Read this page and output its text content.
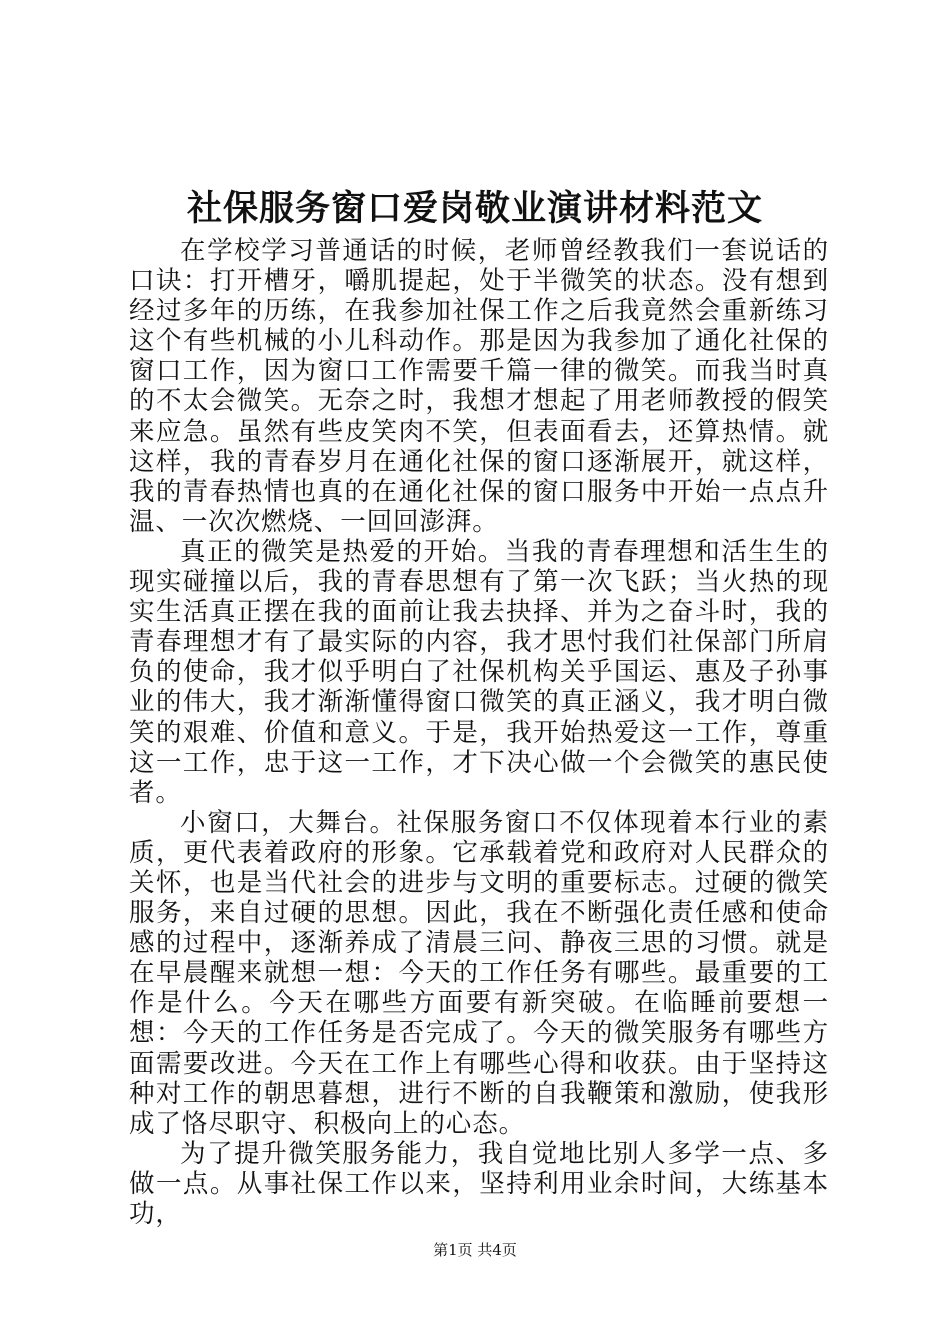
社保服务窗口爱岗敬业演讲材料范文

在学校学习普通话的时候，老师曾经教我们一套说话的口诀：打开槽牙，嚼肌提起，处于半微笑的状态。没有想到经过多年的历练，在我参加社保工作之后我竟然会重新练习这个有些机械的小儿科动作。那是因为我参加了通化社保的窗口工作，因为窗口工作需要千篇一律的微笑。而我当时真的不太会微笑。无奈之时，我想才想起了用老师教授的假笑来应急。虽然有些皮笑肉不笑，但表面看去，还算热情。就这样，我的青春岁月在通化社保的窗口逐渐展开，就这样，我的青春热情也真的在通化社保的窗口服务中开始一点点升温、一次次燃烧、一回回澎湃。

真正的微笑是热爱的开始。当我的青春理想和活生生的现实碰撞以后，我的青春思想有了第一次飞跃；当火热的现实生活真正摆在我的面前让我去抉择、并为之奋斗时，我的青春理想才有了最实际的内容，我才思忖我们社保部门所肩负的使命，我才似乎明白了社保机构关乎国运、惠及子孙事业的伟大，我才渐渐懂得窗口微笑的真正涵义，我才明白微笑的艰难、价值和意义。于是，我开始热爱这一工作，尊重这一工作，忠于这一工作，才下决心做一个会微笑的惠民使者。

小窗口，大舞台。社保服务窗口不仅体现着本行业的素质，更代表着政府的形象。它承载着党和政府对人民群众的关怀，也是当代社会的进步与文明的重要标志。过硬的微笑服务，来自过硬的思想。因此，我在不断强化责任感和使命感的过程中，逐渐养成了清晨三问、静夜三思的习惯。就是在早晨醒来就想一想：今天的工作任务有哪些。最重要的工作是什么。今天在哪些方面要有新突破。在临睡前要想一想：今天的工作任务是否完成了。今天的微笑服务有哪些方面需要改进。今天在工作上有哪些心得和收获。由于坚持这种对工作的朝思暮想，进行不断的自我鞭策和激励，使我形成了恪尽职守、积极向上的心态。

为了提升微笑服务能力，我自觉地比别人多学一点、多做一点。从事社保工作以来，坚持利用业余时间，大练基本功，

第1页 共4页
